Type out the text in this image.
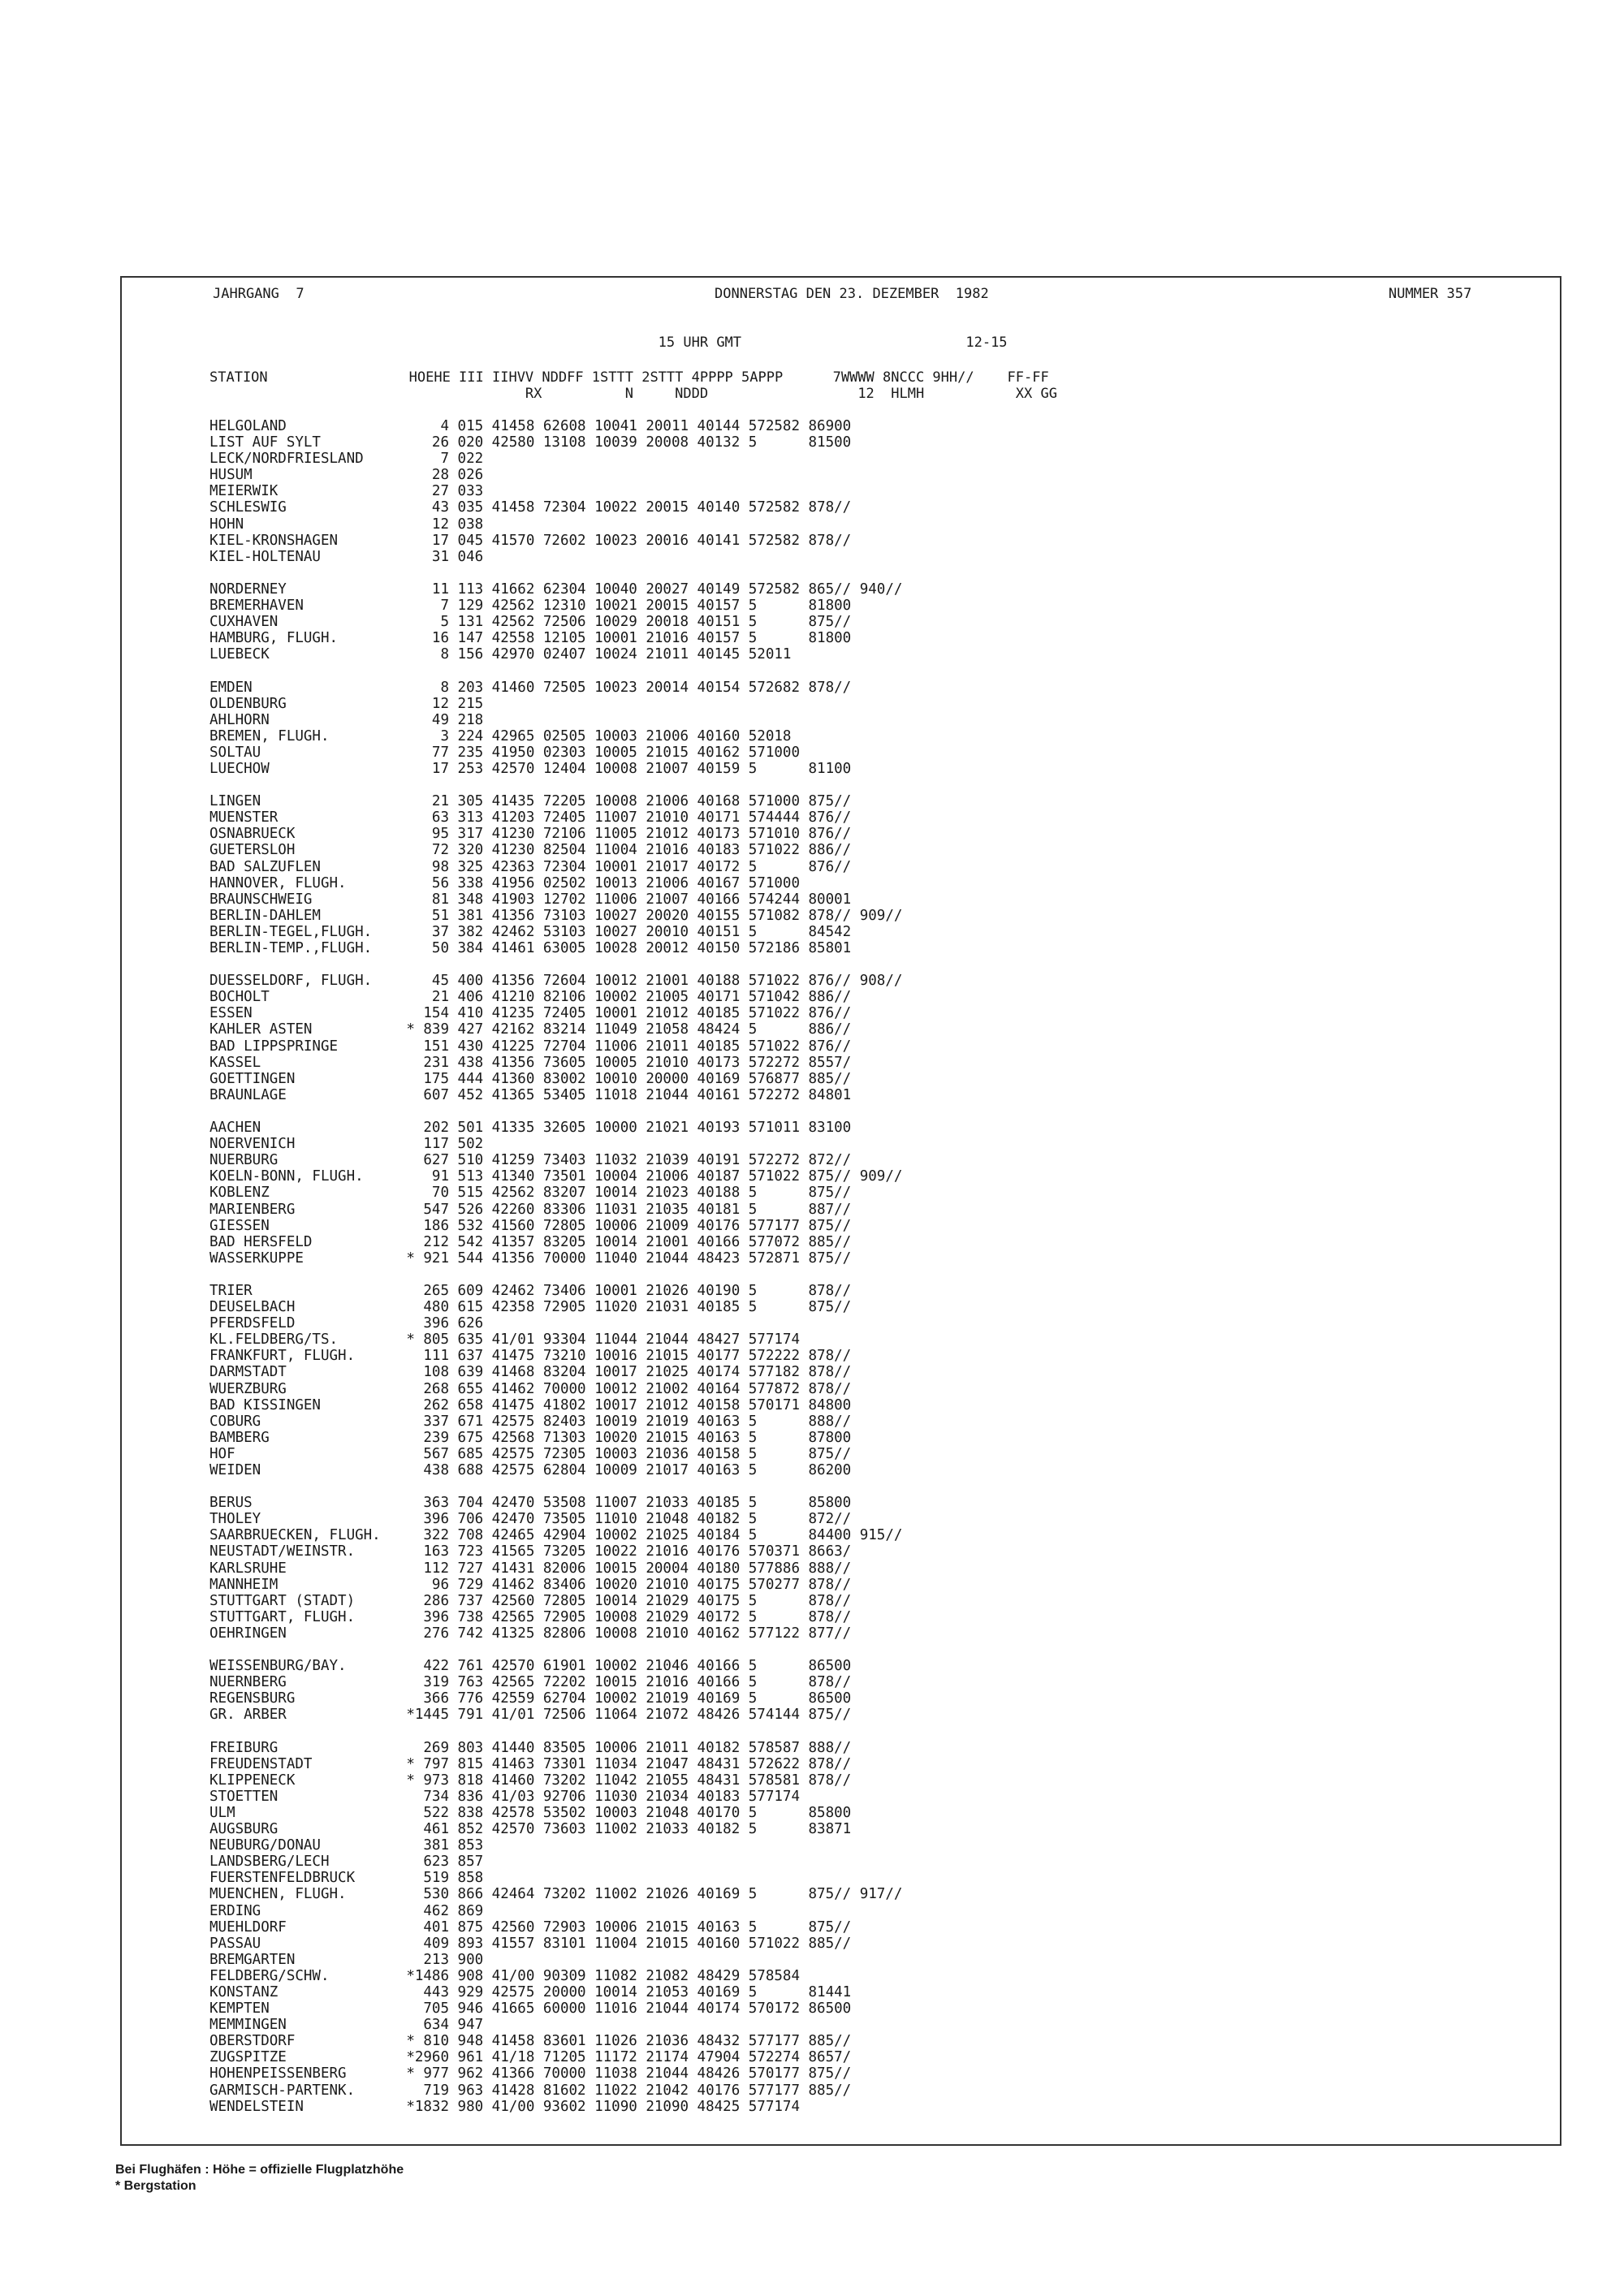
JAHRGANG  7	DONNERSTAG DEN 23. DEZEMBER  1982	NUMMER 357
15 UHR GMT                           12-15
STATION                 HOEHE III IIHVV NDDFF 1STTT 2STTT 4PPPP 5APPP      7WWWW 8NCCC 9HH//    FF-FF
RX          N     NDDD                  12  HLMH           XX GG
HELGOLAND                  4 015 41458 62608 10041 20011 40144 572582 86900
LIST AUF SYLT             26 020 42580 13108 10039 20008 40132 5      81500
LECK/NORDFRIESLAND         7 022
HUSUM                     28 026
MEIERWIK                  27 033
SCHLESWIG                 43 035 41458 72304 10022 20015 40140 572582 878//
HOHN                      12 038
KIEL-KRONSHAGEN           17 045 41570 72602 10023 20016 40141 572582 878//
KIEL-HOLTENAU             31 046
NORDERNEY                 11 113 41662 62304 10040 20027 40149 572582 865// 940//
BREMERHAVEN                7 129 42562 12310 10021 20015 40157 5      81800
CUXHAVEN                   5 131 42562 72506 10029 20018 40151 5      875//
HAMBURG, FLUGH.           16 147 42558 12105 10001 21016 40157 5      81800
LUEBECK                    8 156 42970 02407 10024 21011 40145 52011
EMDEN                      8 203 41460 72505 10023 20014 40154 572682 878//
OLDENBURG                 12 215
AHLHORN                   49 218
BREMEN, FLUGH.             3 224 42965 02505 10003 21006 40160 52018
SOLTAU                    77 235 41950 02303 10005 21015 40162 571000
LUECHOW                   17 253 42570 12404 10008 21007 40159 5      81100
LINGEN                    21 305 41435 72205 10008 21006 40168 571000 875//
MUENSTER                  63 313 41203 72405 11007 21010 40171 574444 876//
OSNABRUECK                95 317 41230 72106 11005 21012 40173 571010 876//
GUETERSLOH                72 320 41230 82504 11004 21016 40183 571022 886//
BAD SALZUFLEN             98 325 42363 72304 10001 21017 40172 5      876//
HANNOVER, FLUGH.          56 338 41956 02502 10013 21006 40167 571000
BRAUNSCHWEIG              81 348 41903 12702 11006 21007 40166 574244 80001
BERLIN-DAHLEM             51 381 41356 73103 10027 20020 40155 571082 878// 909//
BERLIN-TEGEL,FLUGH.       37 382 42462 53103 10027 20010 40151 5      84542
BERLIN-TEMP.,FLUGH.       50 384 41461 63005 10028 20012 40150 572186 85801
DUESSELDORF, FLUGH.       45 400 41356 72604 10012 21001 40188 571022 876// 908//
BOCHOLT                   21 406 41210 82106 10002 21005 40171 571042 886//
ESSEN                    154 410 41235 72405 10001 21012 40185 571022 876//
KAHLER ASTEN           * 839 427 42162 83214 11049 21058 48424 5      886//
BAD LIPPSPRINGE          151 430 41225 72704 11006 21011 40185 571022 876//
KASSEL                   231 438 41356 73605 10005 21010 40173 572272 8557/
GOETTINGEN               175 444 41360 83002 10010 20000 40169 576877 885//
BRAUNLAGE                607 452 41365 53405 11018 21044 40161 572272 84801
AACHEN                   202 501 41335 32605 10000 21021 40193 571011 83100
NOERVENICH               117 502
NUERBURG                 627 510 41259 73403 11032 21039 40191 572272 872//
KOELN-BONN, FLUGH.        91 513 41340 73501 10004 21006 40187 571022 875// 909//
KOBLENZ                   70 515 42562 83207 10014 21023 40188 5      875//
MARIENBERG               547 526 42260 83306 11031 21035 40181 5      887//
GIESSEN                  186 532 41560 72805 10006 21009 40176 577177 875//
BAD HERSFELD             212 542 41357 83205 10014 21001 40166 577072 885//
WASSERKUPPE            * 921 544 41356 70000 11040 21044 48423 572871 875//
TRIER                    265 609 42462 73406 10001 21026 40190 5      878//
DEUSELBACH               480 615 42358 72905 11020 21031 40185 5      875//
PFERDSFELD               396 626
KL.FELDBERG/TS.        * 805 635 41/01 93304 11044 21044 48427 577174
FRANKFURT, FLUGH.        111 637 41475 73210 10016 21015 40177 572222 878//
DARMSTADT                108 639 41468 83204 10017 21025 40174 577182 878//
WUERZBURG                268 655 41462 70000 10012 21002 40164 577872 878//
BAD KISSINGEN            262 658 41475 41802 10017 21012 40158 570171 84800
COBURG                   337 671 42575 82403 10019 21019 40163 5      888//
BAMBERG                  239 675 42568 71303 10020 21015 40163 5      87800
HOF                      567 685 42575 72305 10003 21036 40158 5      875//
WEIDEN                   438 688 42575 62804 10009 21017 40163 5      86200
BERUS                    363 704 42470 53508 11007 21033 40185 5      85800
THOLEY                   396 706 42470 73505 11010 21048 40182 5      872//
SAARBRUECKEN, FLUGH.     322 708 42465 42904 10002 21025 40184 5      84400 915//
NEUSTADT/WEINSTR.        163 723 41565 73205 10022 21016 40176 570371 8663/
KARLSRUHE                112 727 41431 82006 10015 20004 40180 577886 888//
MANNHEIM                  96 729 41462 83406 10020 21010 40175 570277 878//
STUTTGART (STADT)        286 737 42560 72805 10014 21029 40175 5      878//
STUTTGART, FLUGH.        396 738 42565 72905 10008 21029 40172 5      878//
OEHRINGEN                276 742 41325 82806 10008 21010 40162 577122 877//
WEISSENBURG/BAY.         422 761 42570 61901 10002 21046 40166 5      86500
NUERNBERG                319 763 42565 72202 10015 21016 40166 5      878//
REGENSBURG               366 776 42559 62704 10002 21019 40169 5      86500
GR. ARBER              *1445 791 41/01 72506 11064 21072 48426 574144 875//
FREIBURG                 269 803 41440 83505 10006 21011 40182 578587 888//
FREUDENSTADT           * 797 815 41463 73301 11034 21047 48431 572622 878//
KLIPPENECK             * 973 818 41460 73202 11042 21055 48431 578581 878//
STOETTEN                 734 836 41/03 92706 11030 21034 40183 577174
ULM                      522 838 42578 53502 10003 21048 40170 5      85800
AUGSBURG                 461 852 42570 73603 11002 21033 40182 5      83871
NEUBURG/DONAU            381 853
LANDSBERG/LECH           623 857
FUERSTENFELDBRUCK        519 858
MUENCHEN, FLUGH.         530 866 42464 73202 11002 21026 40169 5      875// 917//
ERDING                   462 869
MUEHLDORF                401 875 42560 72903 10006 21015 40163 5      875//
PASSAU                   409 893 41557 83101 11004 21015 40160 571022 885//
BREMGARTEN               213 900
FELDBERG/SCHW.         *1486 908 41/00 90309 11082 21082 48429 578584
KONSTANZ                 443 929 42575 20000 10014 21053 40169 5      81441
KEMPTEN                  705 946 41665 60000 11016 21044 40174 570172 86500
MEMMINGEN                634 947
OBERSTDORF             * 810 948 41458 83601 11026 21036 48432 577177 885//
ZUGSPITZE              *2960 961 41/18 71205 11172 21174 47904 572274 8657/
HOHENPEISSENBERG       * 977 962 41366 70000 11038 21044 48426 570177 875//
GARMISCH-PARTENK.        719 963 41428 81602 11022 21042 40176 577177 885//
WENDELSTEIN            *1832 980 41/00 93602 11090 21090 48425 577174
Bei Flughäfen : Höhe = offizielle Flugplatzhöhe
* Bergstation
